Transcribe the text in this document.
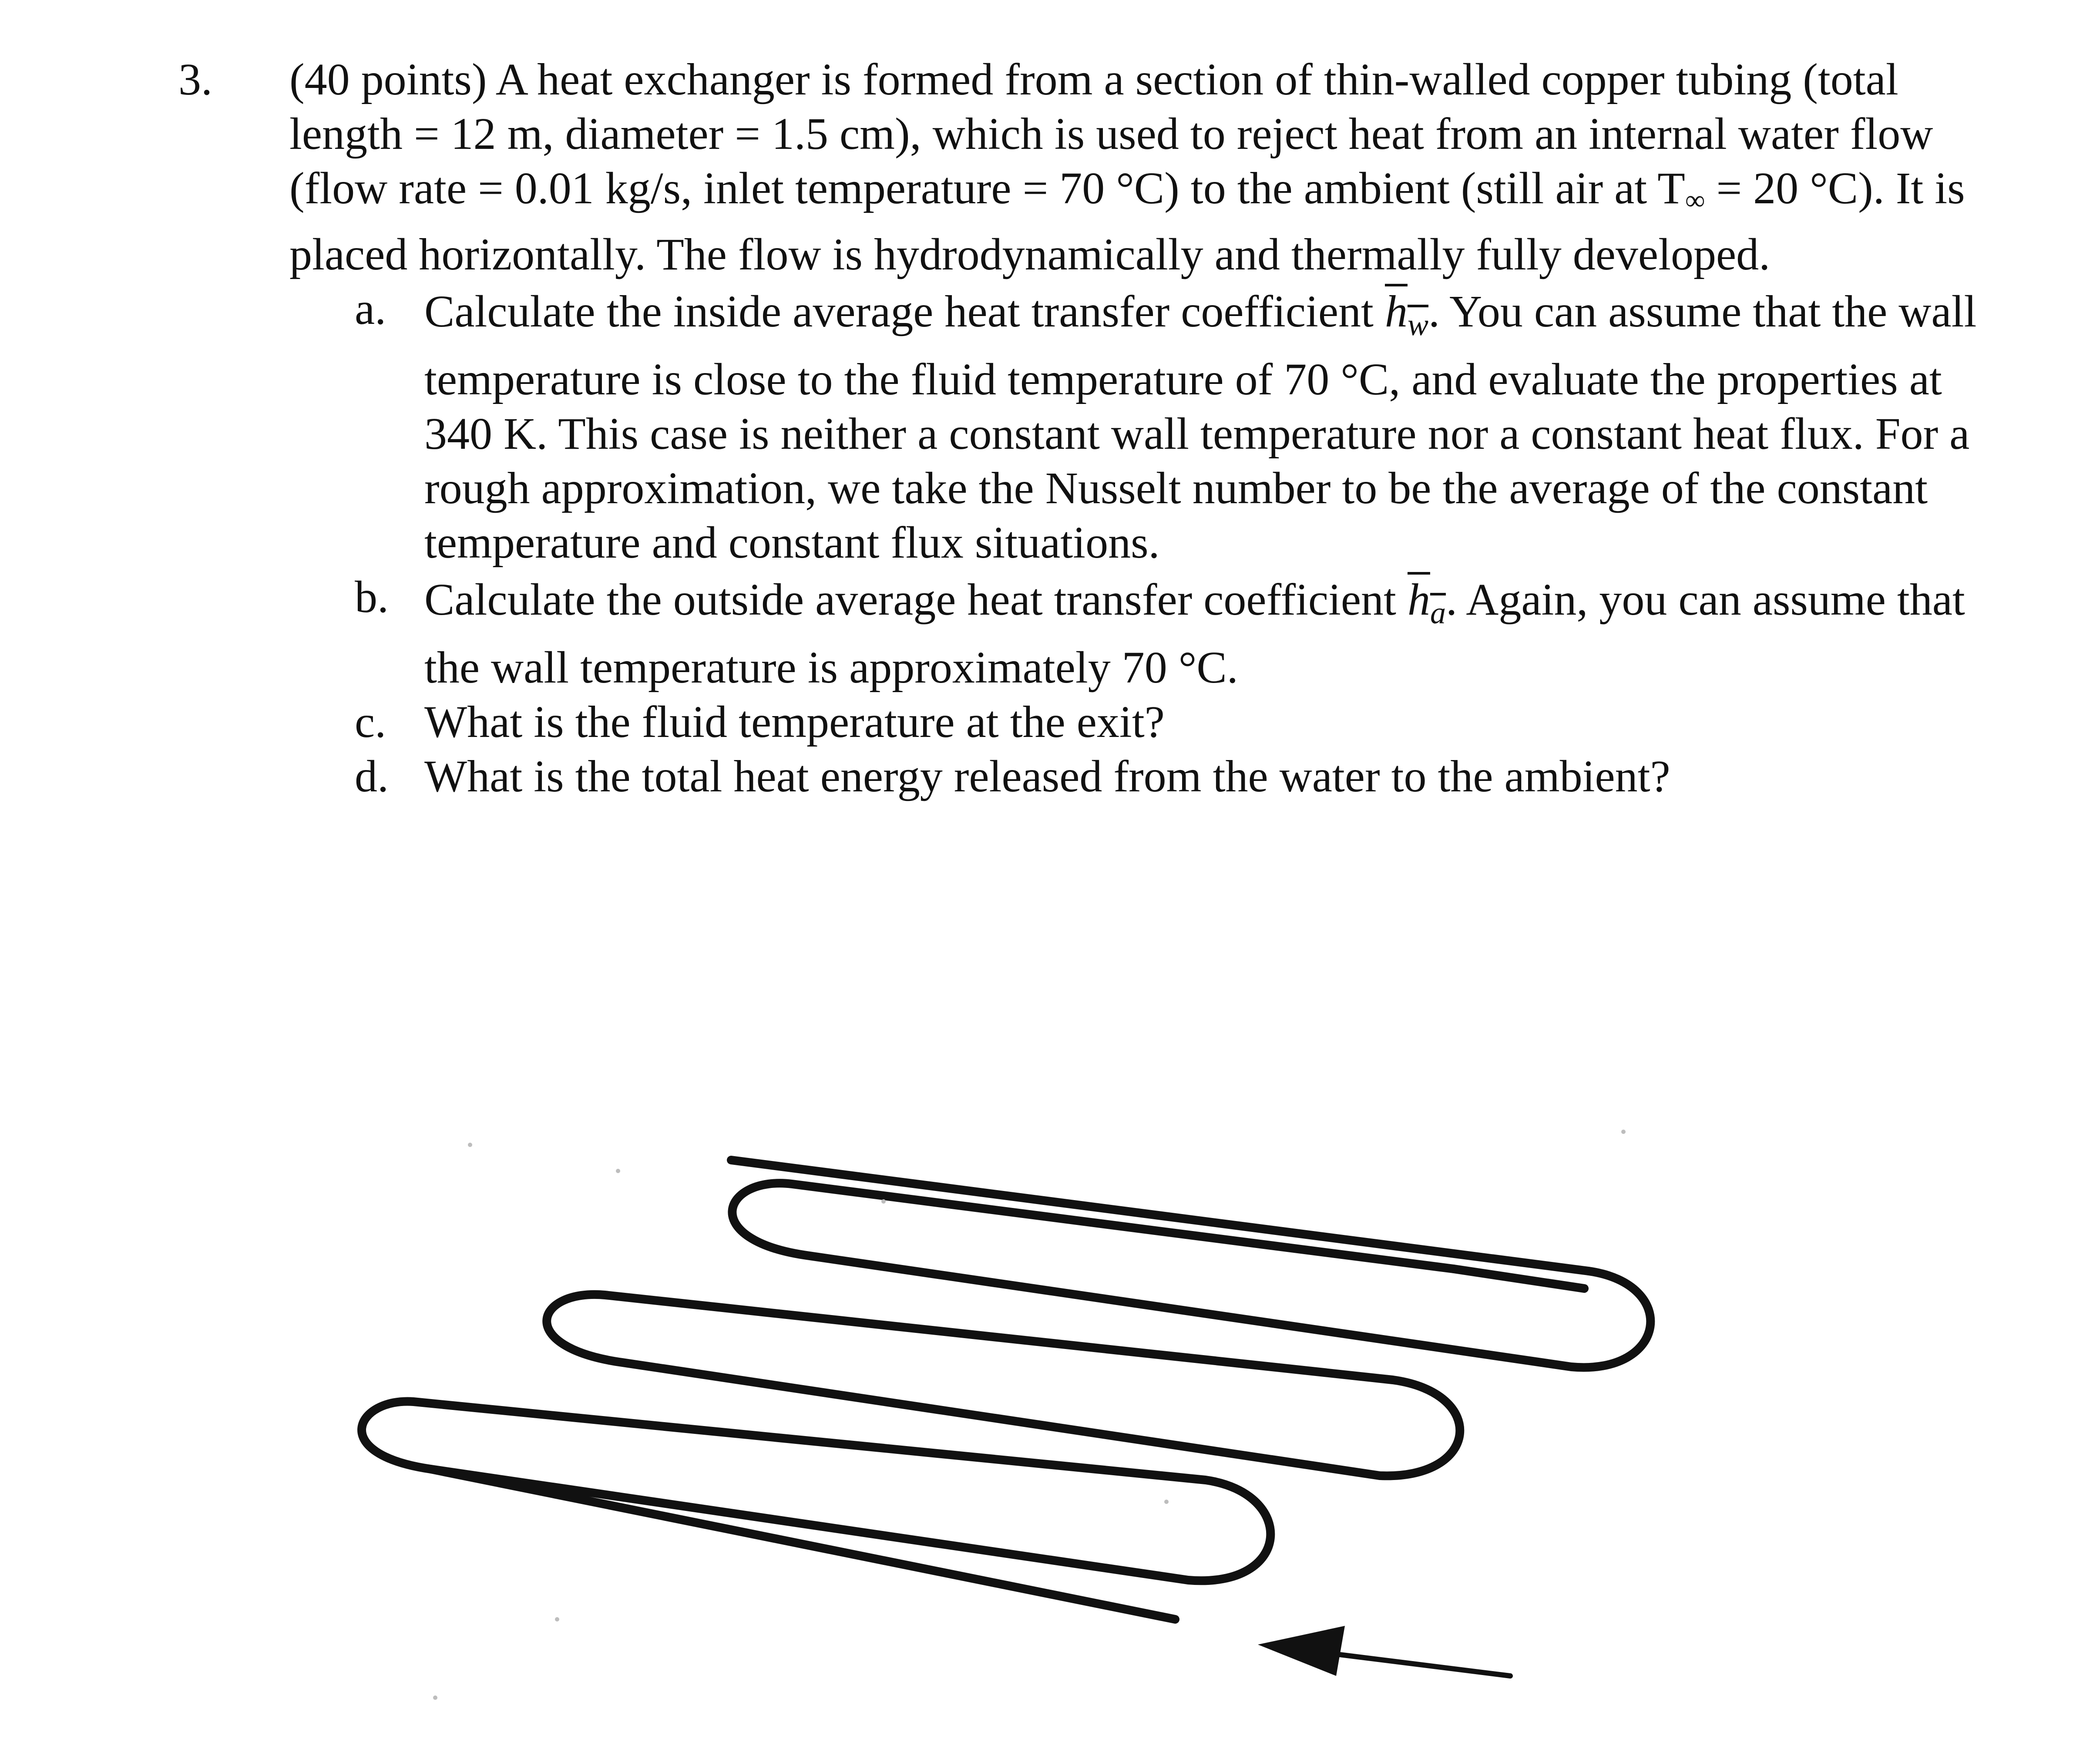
3.	(40 points) A heat exchanger is formed from a section of thin-walled copper tubing (total length = 12 m, diameter = 1.5 cm), which is used to reject heat from an internal water flow (flow rate = 0.01 kg/s, inlet temperature = 70 °C) to the ambient (still air at T∞ = 20 °C). It is placed horizontally. The flow is hydrodynamically and thermally fully developed.
a. Calculate the inside average heat transfer coefficient $h_w$. You can assume that the wall temperature is close to the fluid temperature of 70 °C, and evaluate the properties at 340 K. This case is neither a constant wall temperature nor a constant heat flux. For a rough approximation, we take the Nusselt number to be the average of the constant temperature and constant flux situations.
b. Calculate the outside average heat transfer coefficient $h_a$. Again, you can assume that the wall temperature is approximately 70 °C.
c. What is the fluid temperature at the exit?
d. What is the total heat energy released from the water to the ambient?
